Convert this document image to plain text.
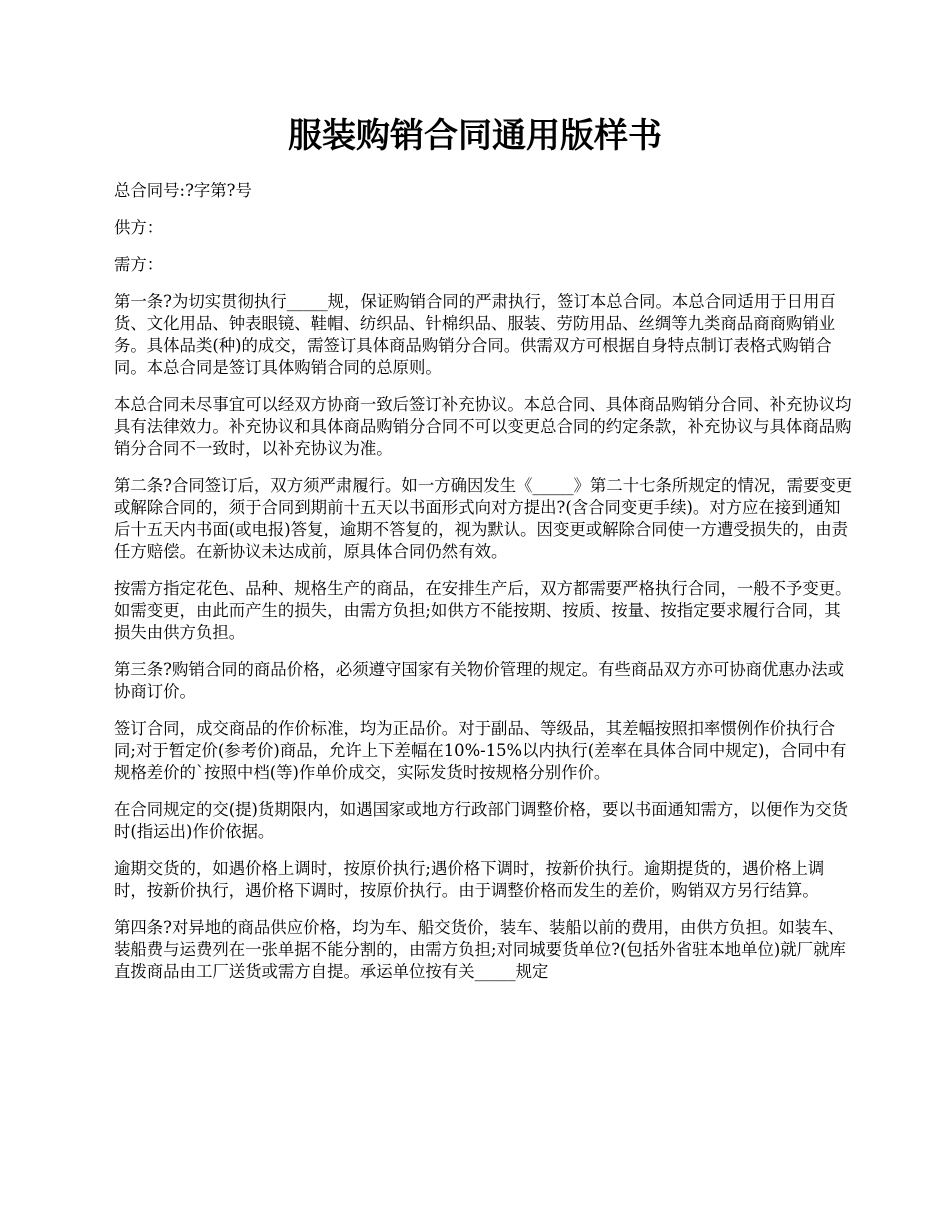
服装购销合同通用版样书

总合同号:?字第?号

供方：

需方：

第一条?为切实贯彻执行_____规，保证购销合同的严肃执行，签订本总合同。本总合同适用于日用百货、文化用品、钟表眼镜、鞋帽、纺织品、针棉织品、服装、劳防用品、丝绸等九类商品商商购销业务。具体品类(种)的成交，需签订具体商品购销分合同。供需双方可根据自身特点制订表格式购销合同。本总合同是签订具体购销合同的总原则。

本总合同未尽事宜可以经双方协商一致后签订补充协议。本总合同、具体商品购销分合同、补充协议均具有法律效力。补充协议和具体商品购销分合同不可以变更总合同的约定条款，补充协议与具体商品购销分合同不一致时，以补充协议为准。

第二条?合同签订后，双方须严肃履行。如一方确因发生《_____》第二十七条所规定的情况，需要变更或解除合同的，须于合同到期前十五天以书面形式向对方提出?(含合同变更手续)。对方应在接到通知后十五天内书面(或电报)答复，逾期不答复的，视为默认。因变更或解除合同使一方遭受损失的，由责任方赔偿。在新协议未达成前，原具体合同仍然有效。

按需方指定花色、品种、规格生产的商品，在安排生产后，双方都需要严格执行合同，一般不予变更。如需变更，由此而产生的损失，由需方负担;如供方不能按期、按质、按量、按指定要求履行合同，其损失由供方负担。

第三条?购销合同的商品价格，必须遵守国家有关物价管理的规定。有些商品双方亦可协商优惠办法或协商订价。

签订合同，成交商品的作价标准，均为正品价。对于副品、等级品，其差幅按照扣率惯例作价执行合同;对于暂定价(参考价)商品，允许上下差幅在10%-15%以内执行(差率在具体合同中规定)，合同中有规格差价的`按照中档(等)作单价成交，实际发货时按规格分别作价。

在合同规定的交(提)货期限内，如遇国家或地方行政部门调整价格，要以书面通知需方，以便作为交货时(指运出)作价依据。

逾期交货的，如遇价格上调时，按原价执行;遇价格下调时，按新价执行。逾期提货的，遇价格上调时，按新价执行，遇价格下调时，按原价执行。由于调整价格而发生的差价，购销双方另行结算。

第四条?对异地的商品供应价格，均为车、船交货价，装车、装船以前的费用，由供方负担。如装车、装船费与运费列在一张单据不能分割的，由需方负担;对同城要货单位?(包括外省驻本地单位)就厂就库直拨商品由工厂送货或需方自提。承运单位按有关_____规定
